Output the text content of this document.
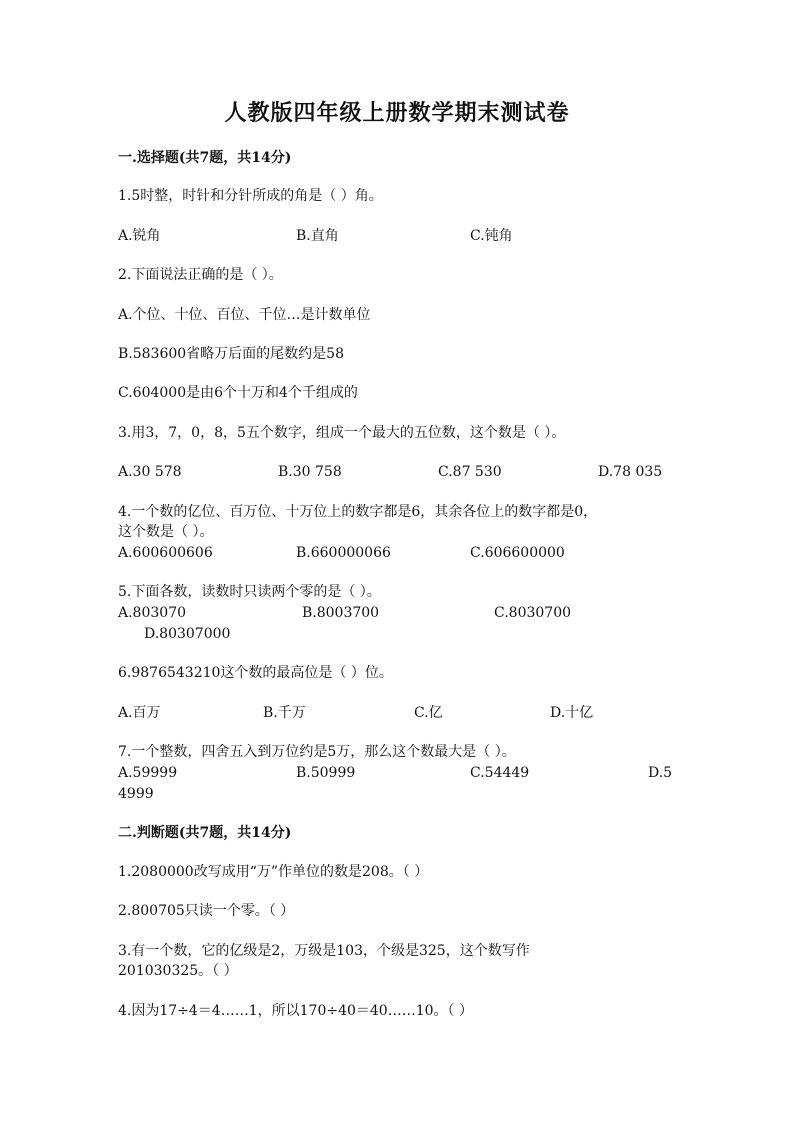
人教版四年级上册数学期末测试卷
一.选择题(共7题，共14分)
1.5时整，时针和分针所成的角是（ ）角。
A.锐角	B.直角	C.钝角
2.下面说法正确的是（ ）。
A.个位、十位、百位、千位…是计数单位
B.583600省略万后面的尾数约是58
C.604000是由6个十万和4个千组成的
3.用3，7，0，8，5五个数字，组成一个最大的五位数，这个数是（ ）。
A.30 578	B.30 758	C.87 530	D.78 035
4.一个数的亿位、百万位、十万位上的数字都是6，其余各位上的数字都是0，
这个数是（ ）。
A.600600606	B.660000066	C.606600000
5.下面各数，读数时只读两个零的是（ ）。
A.803070	B.8003700	C.8030700
D.80307000
6.9876543210这个数的最高位是（ ）位。
A.百万	B.千万	C.亿	D.十亿
7.一个整数，四舍五入到万位约是5万，那么这个数最大是（ ）。
A.59999	B.50999	C.54449	D.5
4999
二.判断题(共7题，共14分)
1.2080000改写成用“万”作单位的数是208。（ ）
2.800705只读一个零。（ ）
3.有一个数，它的亿级是2，万级是103，个级是325，这个数写作
201030325。（ ）
4.因为17÷4＝4……1，所以170÷40＝40……10。（ ）
